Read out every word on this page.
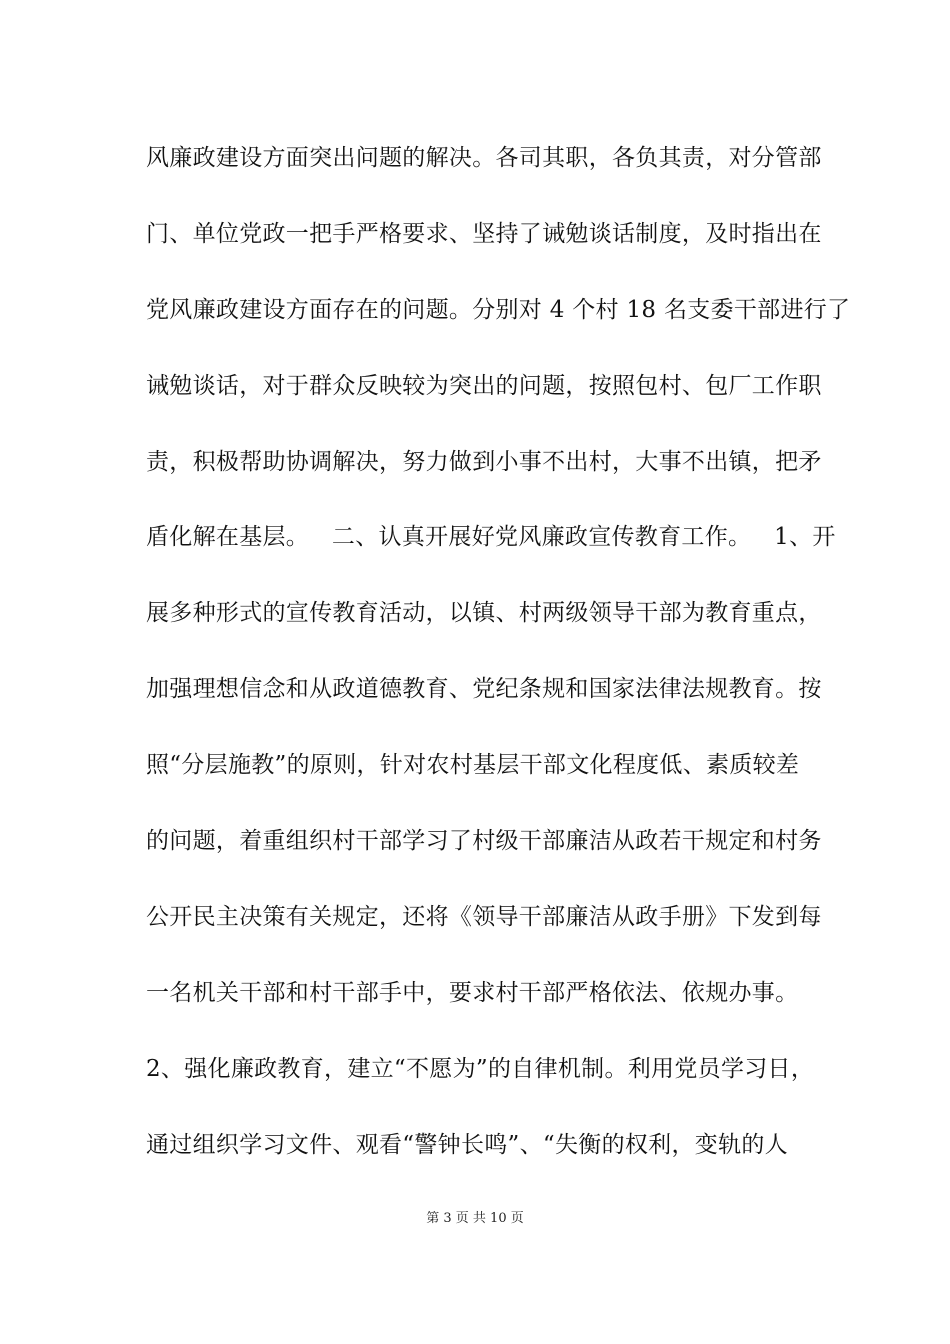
风廉政建设方面突出问题的解决。各司其职，各负其责，对分管部
门、单位党政一把手严格要求、坚持了诫勉谈话制度，及时指出在
党风廉政建设方面存在的问题。分别对 4 个村 18 名支委干部进行了
诫勉谈话，对于群众反映较为突出的问题，按照包村、包厂工作职
责，积极帮助协调解决，努力做到小事不出村，大事不出镇，把矛
盾化解在基层。   二、认真开展好党风廉政宣传教育工作。   1、开
展多种形式的宣传教育活动，以镇、村两级领导干部为教育重点，
加强理想信念和从政道德教育、党纪条规和国家法律法规教育。按
照“分层施教”的原则，针对农村基层干部文化程度低、素质较差
的问题，着重组织村干部学习了村级干部廉洁从政若干规定和村务
公开民主决策有关规定，还将《领导干部廉洁从政手册》下发到每
一名机关干部和村干部手中，要求村干部严格依法、依规办事。
2、强化廉政教育，建立“不愿为”的自律机制。利用党员学习日，
通过组织学习文件、观看“警钟长鸣”、“失衡的权利，变轨的人
第 3 页 共 10 页
